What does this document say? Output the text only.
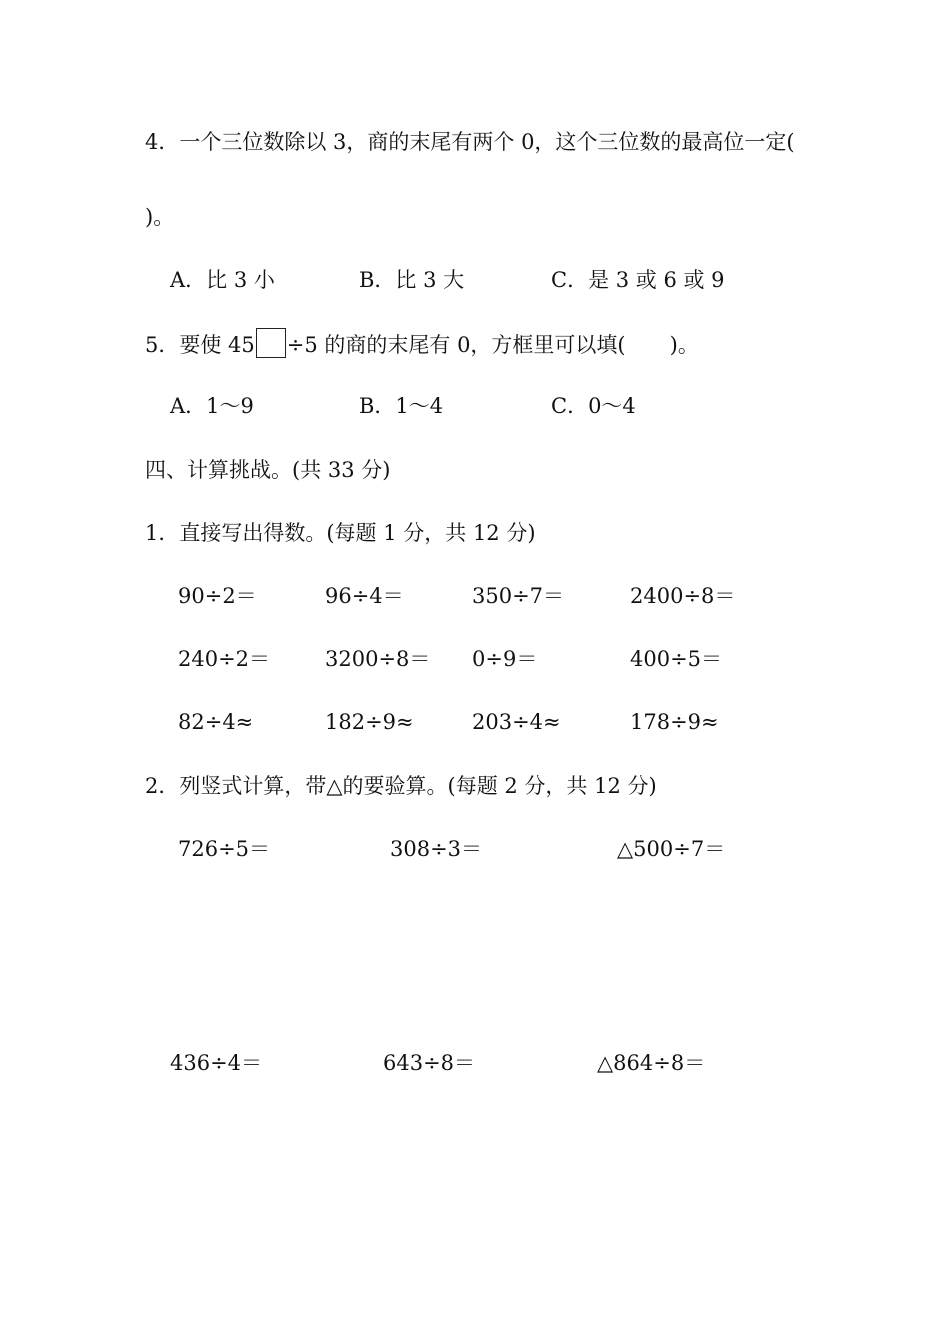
4．一个三位数除以 3，商的末尾有两个 0，这个三位数的最高位一定(
)。
A．比 3 小	B．比 3 大	C．是 3 或 6 或 9
5．要使 45 ÷5 的商的末尾有 0，方框里可以填( )。
A．1～9	B．1～4	C．0～4
四、计算挑战。(共 33 分)
1．直接写出得数。(每题 1 分，共 12 分)
90÷2＝	96÷4＝	350÷7＝	2400÷8＝
240÷2＝	3200÷8＝ 0÷9＝	400÷5＝
82÷4≈	182÷9≈	203÷4≈	178÷9≈
2．列竖式计算，带△的要验算。(每题 2 分，共 12 分)
726÷5＝	308÷3＝	△500÷7＝
436÷4＝	643÷8＝	△864÷8＝
